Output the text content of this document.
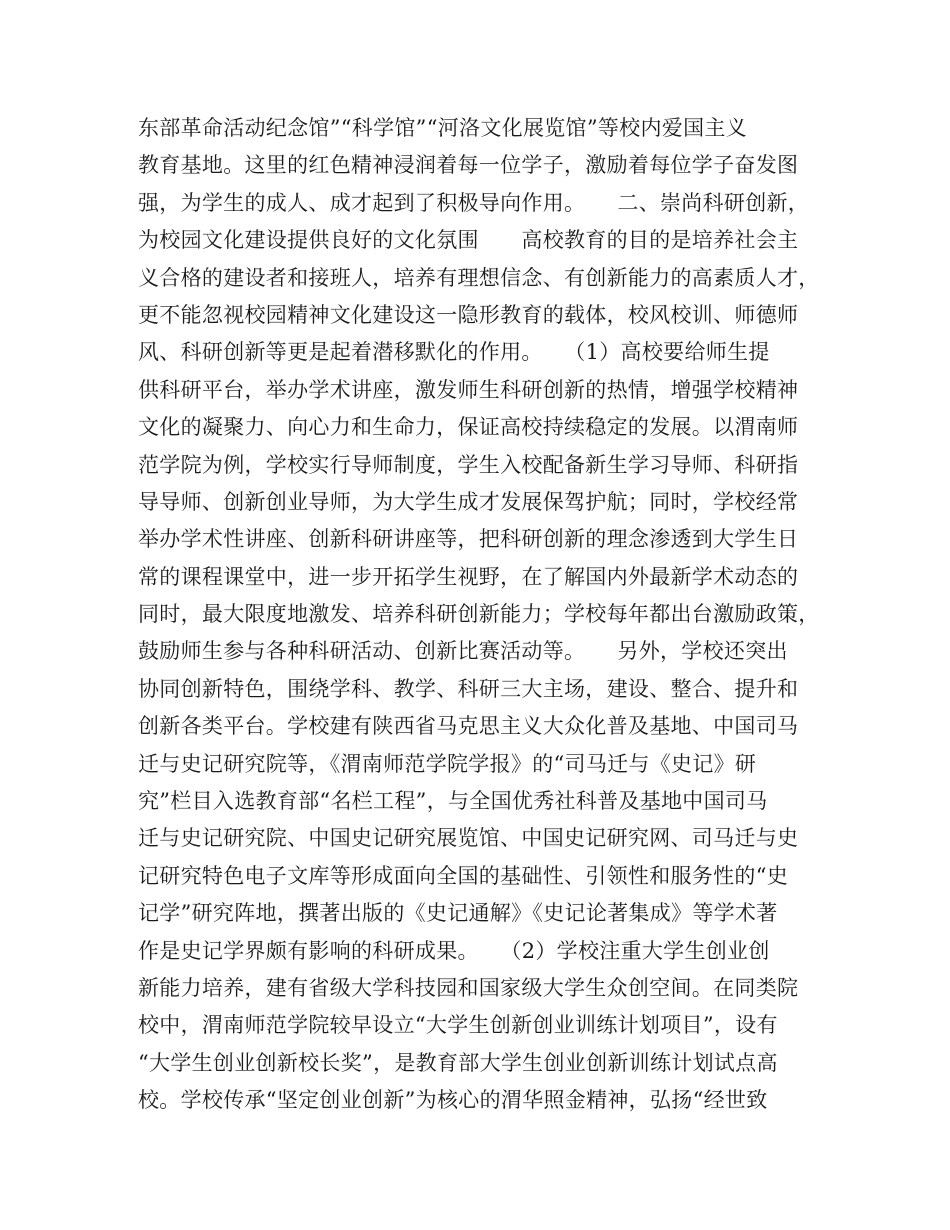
东部革命活动纪念馆”“科学馆”“河洛文化展览馆”等校内爱国主义
教育基地。这里的红色精神浸润着每一位学子，激励着每位学子奋发图
强，为学生的成人、成才起到了积极导向作用。　　二、崇尚科研创新，
为校园文化建设提供良好的文化氛围　　高校教育的目的是培养社会主
义合格的建设者和接班人，培养有理想信念、有创新能力的高素质人才，
更不能忽视校园精神文化建设这一隐形教育的载体，校风校训、师德师
风、科研创新等更是起着潜移默化的作用。　　（1）高校要给师生提
供科研平台，举办学术讲座，激发师生科研创新的热情，增强学校精神
文化的凝聚力、向心力和生命力，保证高校持续稳定的发展。以渭南师
范学院为例，学校实行导师制度，学生入校配备新生学习导师、科研指
导导师、创新创业导师，为大学生成才发展保驾护航；同时，学校经常
举办学术性讲座、创新科研讲座等，把科研创新的理念渗透到大学生日
常的课程课堂中，进一步开拓学生视野，在了解国内外最新学术动态的
同时，最大限度地激发、培养科研创新能力；学校每年都出台激励政策，
鼓励师生参与各种科研活动、创新比赛活动等。　　另外，学校还突出
协同创新特色，围绕学科、教学、科研三大主场，建设、整合、提升和
创新各类平台。学校建有陕西省马克思主义大众化普及基地、中国司马
迁与史记研究院等，《渭南师范学院学报》的“司马迁与《史记》研
究”栏目入选教育部“名栏工程”，与全国优秀社科普及基地中国司马
迁与史记研究院、中国史记研究展览馆、中国史记研究网、司马迁与史
记研究特色电子文库等形成面向全国的基础性、引领性和服务性的“史
记学”研究阵地，撰著出版的《史记通解》《史记论著集成》等学术著
作是史记学界颇有影响的科研成果。　　（2）学校注重大学生创业创
新能力培养，建有省级大学科技园和国家级大学生众创空间。在同类院
校中，渭南师范学院较早设立“大学生创新创业训练计划项目”，设有
“大学生创业创新校长奖”，是教育部大学生创业创新训练计划试点高
校。学校传承“坚定创业创新”为核心的渭华照金精神，弘扬“经世致
